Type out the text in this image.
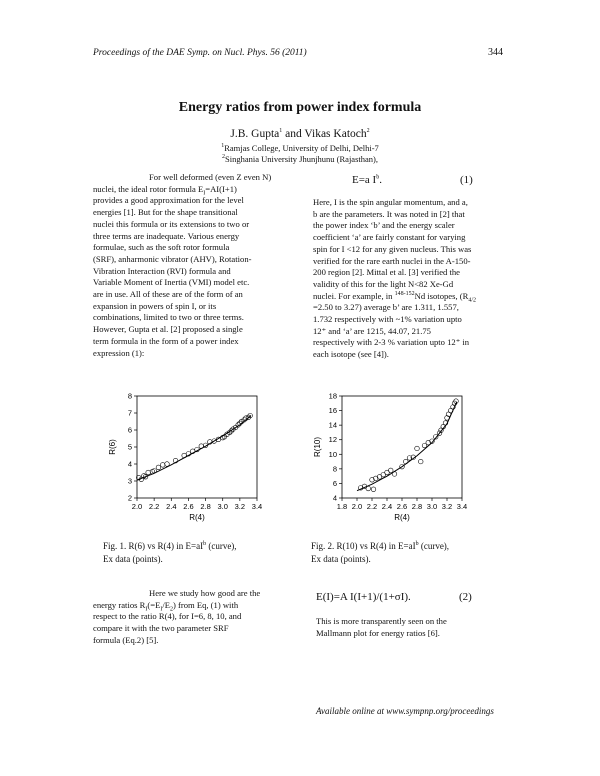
Proceedings of the DAE Symp. on Nucl. Phys. 56 (2011)	344
Energy ratios from power index formula
J.B. Gupta$^1$ and Vikas Katoch$^2$
$^1$Ramjas College, University of Delhi, Delhi-7
$^2$Singhania University Jhunjhunu (Rajasthan),
For well deformed (even Z even N)
nuclei, the ideal rotor formula $E_I=AI(I+1)$
provides a good approximation for the level
energies [1]. But for the shape transitional
nuclei this formula or its extensions to two or
three terms are inadequate. Various energy
formulae, such as the soft rotor formula
(SRF), anharmonic vibrator (AHV), Rotation-
Vibration Interaction (RVI) formula and
Variable Moment of Inertia (VMI) model etc.
are in use. All of these are of the form of an
expansion in powers of spin I, or its
combinations, limited to two or three terms.
However, Gupta et al. [2] proposed a single
term formula in the form of a power index
expression (1):
E=a $I^b$.	(1)
Here, I is the spin angular momentum, and a,
b are the parameters. It was noted in [2] that
the power index ‘b’ and the energy scaler
coefficient ‘a’ are fairly constant for varying
spin for I <12 for any given nucleus. This was
verified for the rare earth nuclei in the A-150-
200 region [2]. Mittal et al. [3] verified the
validity of this for the light N<82 Xe-Gd
nuclei. For example, in $^{148-152}$Nd isotopes, ($R_{4/2}$
=2.50 to 3.27) average b’ are 1.311, 1.557,
1.732 respectively with ~1% variation upto
12⁺ and ‘a’ are 1215, 44.07, 21.75
respectively with 2-3 % variation upto 12⁺ in
each isotope (see [4]).
2.0 2.2 2.4 2.6 2.8 3.0 3.2 3.4
2
3
4
5
6
7
8
R(4)
R(6)
1.8 2.0 2.2 2.4 2.6 2.8 3.0 3.2 3.4
4
6
8
10
12
14
16
18
R(4)
R(10)
Fig. 1. R(6) vs R(4) in $E=aI^b$ (curve),
Ex data (points).
Fig. 2. R(10) vs R(4) in $E=aI^b$ (curve),
Ex data (points).
Here we study how good are the
energy ratios $R_I(=E_I/E_2)$ from Eq, (1) with
respect to the ratio R(4), for I=6, 8, 10, and
compare it with the two parameter SRF
formula (Eq.2) [5].
E(I)=A I(I+1)/(1+σI).	(2)
This is more transparently seen on the
Mallmann plot for energy ratios [6].
Available online at www.sympnp.org/proceedings
